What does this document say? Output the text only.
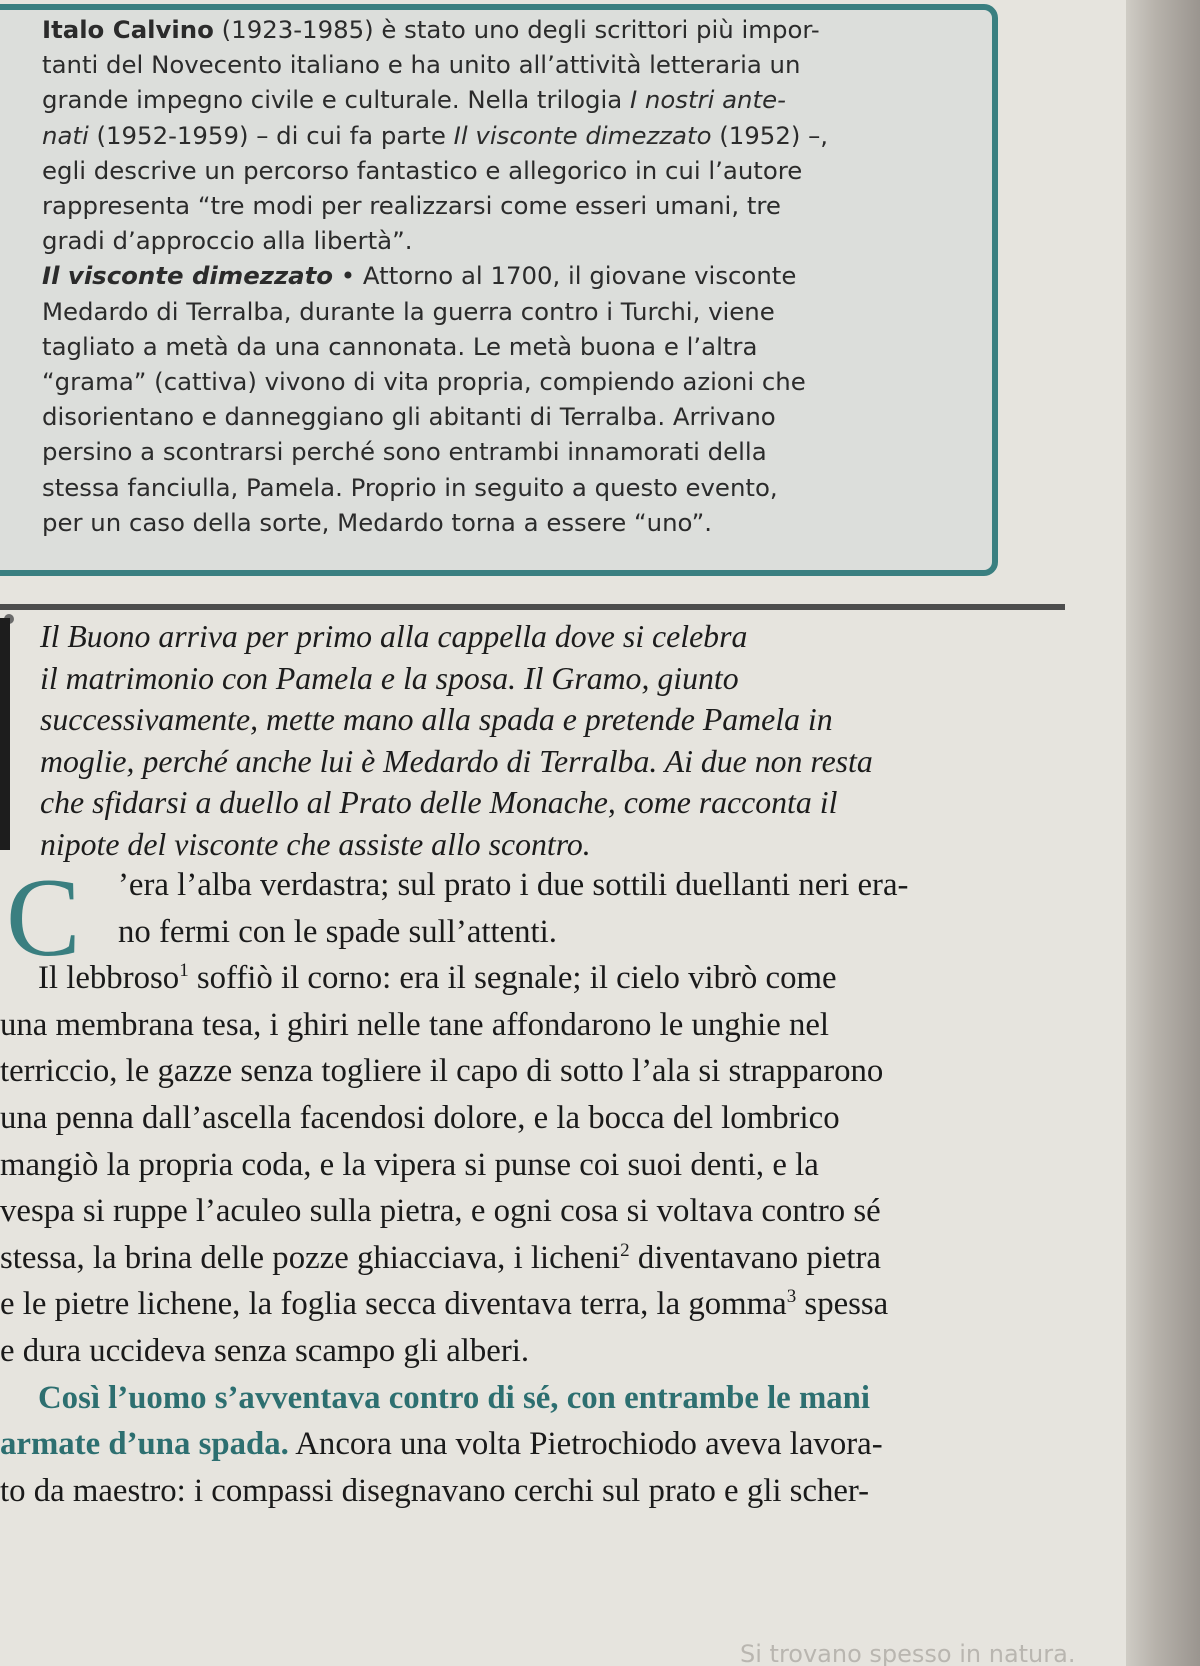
Italo Calvino (1923-1985) è stato uno degli scrittori più impor-

tanti del Novecento italiano e ha unito all’attività letteraria un

grande impegno civile e culturale. Nella trilogia I nostri ante-

nati (1952-1959) – di cui fa parte Il visconte dimezzato (1952) –,

egli descrive un percorso fantastico e allegorico in cui l’autore

rappresenta “tre modi per realizzarsi come esseri umani, tre

gradi d’approccio alla libertà”.

Il visconte dimezzato • Attorno al 1700, il giovane visconte

Medardo di Terralba, durante la guerra contro i Turchi, viene

tagliato a metà da una cannonata. Le metà buona e l’altra

“grama” (cattiva) vivono di vita propria, compiendo azioni che

disorientano e danneggiano gli abitanti di Terralba. Arrivano

persino a scontrarsi perché sono entrambi innamorati della

stessa fanciulla, Pamela. Proprio in seguito a questo evento,

per un caso della sorte, Medardo torna a essere “uno”.

Il Buono arriva per primo alla cappella dove si celebra
il matrimonio con Pamela e la sposa. Il Gramo, giunto
successivamente, mette mano alla spada e pretende Pamela in
moglie, perché anche lui è Medardo di Terralba. Ai due non resta
che sfidarsi a duello al Prato delle Monache, come racconta il
nipote del visconte che assiste allo scontro.
C	’era l’alba verdastra; sul prato i due sottili duellanti neri era-
no fermi con le spade sull’attenti.
Il lebbroso$^1$ soffiò il corno: era il segnale; il cielo vibrò come
una membrana tesa, i ghiri nelle tane affondarono le unghie nel
terriccio, le gazze senza togliere il capo di sotto l’ala si strapparono
una penna dall’ascella facendosi dolore, e la bocca del lombrico
mangiò la propria coda, e la vipera si punse coi suoi denti, e la
vespa si ruppe l’aculeo sulla pietra, e ogni cosa si voltava contro sé
stessa, la brina delle pozze ghiacciava, i licheni$^2$ diventavano pietra
e le pietre lichene, la foglia secca diventava terra, la gomma$^3$ spessa
e dura uccideva senza scampo gli alberi.
Così l’uomo s’avventava contro di sé, con entrambe le mani
armate d’una spada. Ancora una volta Pietrochiodo aveva lavora-
to da maestro: i compassi disegnavano cerchi sul prato e gli scher-
Si trovano spesso in natura.
